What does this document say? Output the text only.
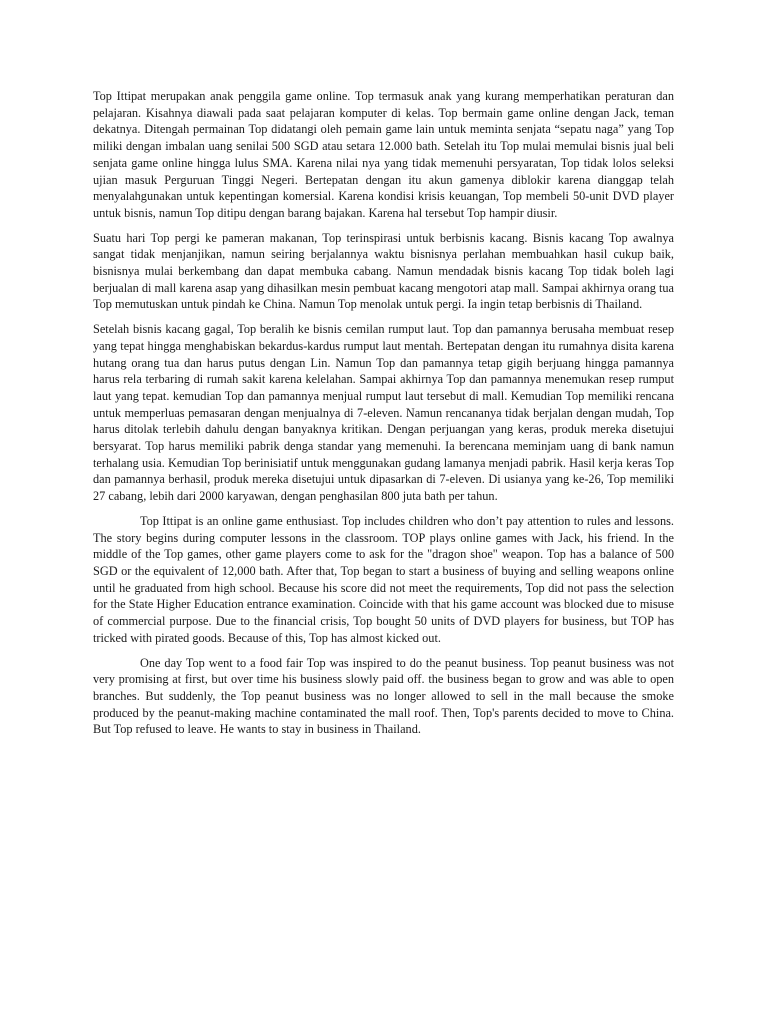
Top Ittipat merupakan anak penggila game online. Top termasuk anak yang kurang memperhatikan peraturan dan pelajaran. Kisahnya diawali pada saat pelajaran komputer di kelas. Top bermain game online dengan Jack, teman dekatnya. Ditengah permainan Top didatangi oleh pemain game lain untuk meminta senjata “sepatu naga” yang Top miliki dengan imbalan uang senilai 500 SGD atau setara 12.000 bath. Setelah itu Top mulai memulai bisnis jual beli senjata game online hingga lulus SMA. Karena nilai nya yang tidak memenuhi persyaratan, Top tidak lolos seleksi ujian masuk Perguruan Tinggi Negeri. Bertepatan dengan itu akun gamenya diblokir karena dianggap telah menyalahgunakan untuk kepentingan komersial. Karena kondisi krisis keuangan, Top membeli 50-unit DVD player untuk bisnis, namun Top ditipu dengan barang bajakan. Karena hal tersebut Top hampir diusir.

Suatu hari Top pergi ke pameran makanan, Top terinspirasi untuk berbisnis kacang. Bisnis kacang Top awalnya sangat tidak menjanjikan, namun seiring berjalannya waktu bisnisnya perlahan membuahkan hasil cukup baik, bisnisnya mulai berkembang dan dapat membuka cabang. Namun mendadak bisnis kacang Top tidak boleh lagi berjualan di mall karena asap yang dihasilkan mesin pembuat kacang mengotori atap mall. Sampai akhirnya orang tua Top memutuskan untuk pindah ke China. Namun Top menolak untuk pergi. Ia ingin tetap berbisnis di Thailand.

Setelah bisnis kacang gagal, Top beralih ke bisnis cemilan rumput laut. Top dan pamannya berusaha membuat resep yang tepat hingga menghabiskan bekardus-kardus rumput laut mentah. Bertepatan dengan itu rumahnya disita karena hutang orang tua dan harus putus dengan Lin. Namun Top dan pamannya tetap gigih berjuang hingga pamannya harus rela terbaring di rumah sakit karena kelelahan. Sampai akhirnya Top dan pamannya menemukan resep rumput laut yang tepat. kemudian Top dan pamannya menjual rumput laut tersebut di mall. Kemudian Top memiliki rencana untuk memperluas pemasaran dengan menjualnya di 7-eleven. Namun rencananya tidak berjalan dengan mudah, Top harus ditolak terlebih dahulu dengan banyaknya kritikan. Dengan perjuangan yang keras, produk mereka disetujui bersyarat. Top harus memiliki pabrik denga standar yang memenuhi. Ia berencana meminjam uang di bank namun terhalang usia. Kemudian Top berinisiatif untuk menggunakan gudang lamanya menjadi pabrik. Hasil kerja keras Top dan pamannya berhasil, produk mereka disetujui untuk dipasarkan di 7-eleven. Di usianya yang ke-26, Top memiliki 27 cabang, lebih dari 2000 karyawan, dengan penghasilan 800 juta bath per tahun.

Top Ittipat is an online game enthusiast. Top includes children who don’t pay attention to rules and lessons. The story begins during computer lessons in the classroom. TOP plays online games with Jack, his friend. In the middle of the Top games, other game players come to ask for the "dragon shoe" weapon. Top has a balance of 500 SGD or the equivalent of 12,000 bath. After that, Top began to start a business of buying and selling weapons online until he graduated from high school. Because his score did not meet the requirements, Top did not pass the selection for the State Higher Education entrance examination. Coincide with that his game account was blocked due to misuse of commercial purpose. Due to the financial crisis, Top bought 50 units of DVD players for business, but TOP has tricked with pirated goods. Because of this, Top has almost kicked out.

One day Top went to a food fair Top was inspired to do the peanut business. Top peanut business was not very promising at first, but over time his business slowly paid off. the business began to grow and was able to open branches. But suddenly, the Top peanut business was no longer allowed to sell in the mall because the smoke produced by the peanut-making machine contaminated the mall roof. Then, Top's parents decided to move to China. But Top refused to leave. He wants to stay in business in Thailand.
